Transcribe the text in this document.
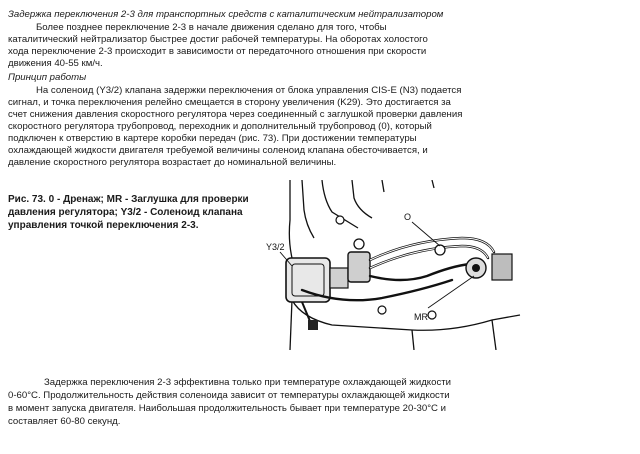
Задержка переключения 2-3 для транспортных средств с каталитическим нейтрализатором
Более позднее переключение 2-3 в начале движения сделано для того, чтобы
каталитический нейтрализатор быстрее достиг рабочей температуры. На оборотах холостого
хода переключение 2-3 происходит в зависимости от передаточного отношения при скорости
движения 40-55 км/ч.
Принцип работы
На соленоид (Y3/2) клапана задержки переключения от блока управления CIS-E (N3) подается
сигнал, и точка переключения релейно смещается в сторону увеличения (K29). Это достигается за
счет снижения давления скоростного регулятора через соединенный с заглушкой проверки давления
скоростного регулятора трубопровод, переходник и дополнительный трубопровод (0), который
подключен к отверстию в картере коробки передач (рис. 73). При достижении температуры
охлаждающей жидкости двигателя требуемой величины соленоид клапана обесточивается, и
давление скоростного регулятора возрастает до номинальной величины.
Рис. 73. 0 - Дренаж; MR - Заглушка для проверки
давления регулятора; Y3/2 - Соленоид клапана
управления точкой переключения 2-3.
Y3/2
O
MR
Задержка переключения 2-3 эффективна только при температуре охлаждающей жидкости
0-60°C. Продолжительность действия соленоида зависит от температуры охлаждающей жидкости
в момент запуска двигателя. Наибольшая продолжительность бывает при температуре 20-30°C и
составляет 60-80 секунд.
